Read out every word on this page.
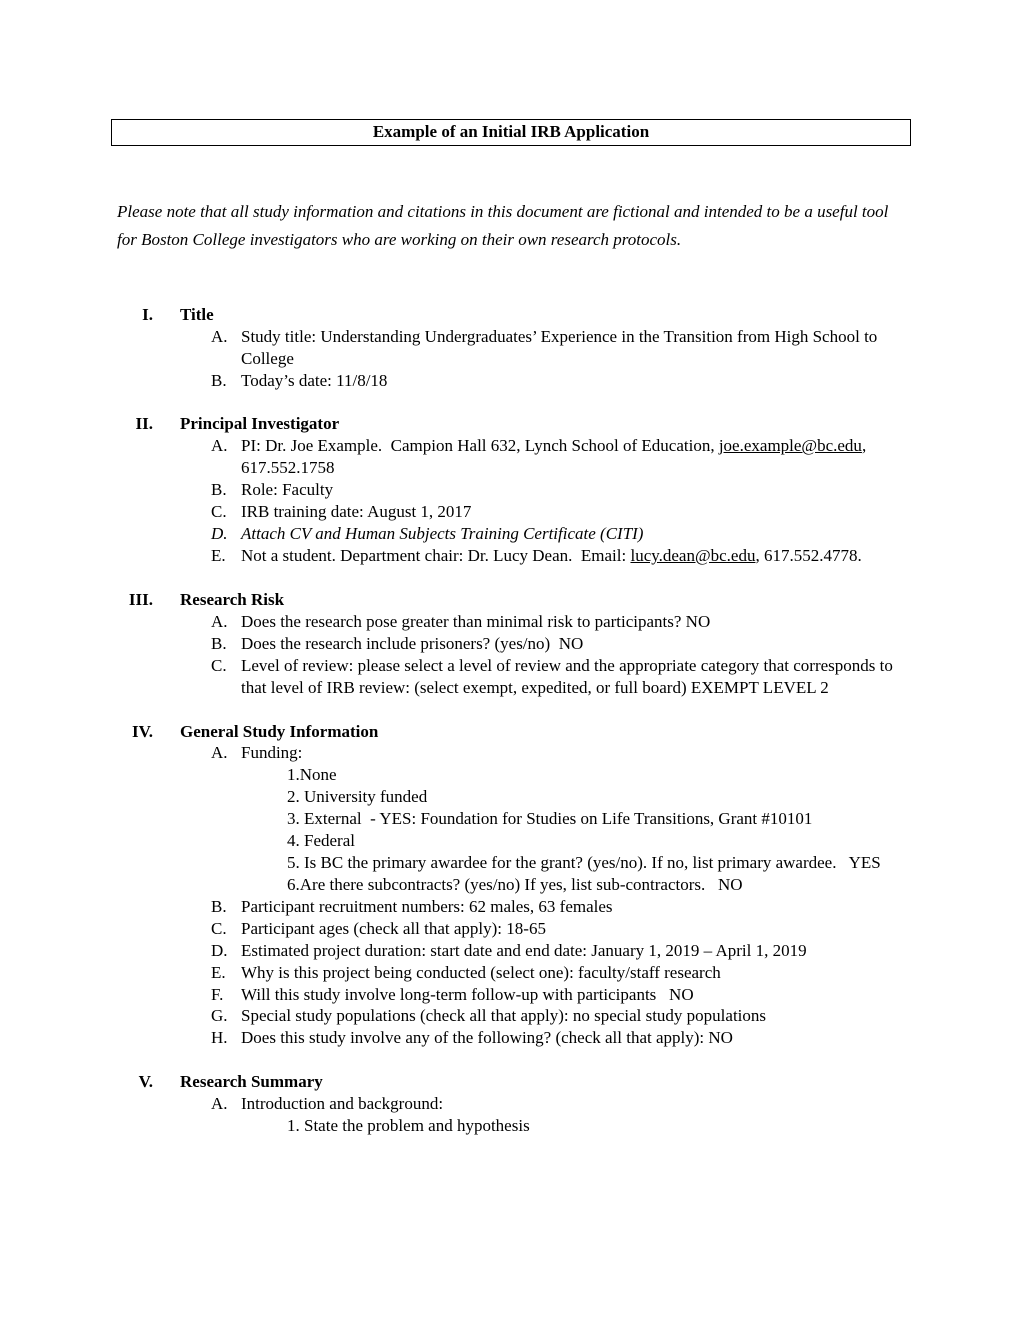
Example of an Initial IRB Application

Please note that all study information and citations in this document are fictional and intended to be a useful tool for Boston College investigators who are working on their own research protocols.

I. Title
A. Study title: Understanding Undergraduates’ Experience in the Transition from High School to College
B. Today’s date: 11/8/18
II. Principal Investigator
A. PI: Dr. Joe Example.  Campion Hall 632, Lynch School of Education, joe.example@bc.edu,  617.552.1758
B. Role: Faculty
C. IRB training date: August 1, 2017
D. Attach CV and Human Subjects Training Certificate (CITI)
E. Not a student. Department chair: Dr. Lucy Dean.  Email: lucy.dean@bc.edu, 617.552.4778.
III. Research Risk
A. Does the research pose greater than minimal risk to participants? NO
B. Does the research include prisoners? (yes/no)  NO
C. Level of review: please select a level of review and the appropriate category that corresponds to that level of IRB review: (select exempt, expedited, or full board) EXEMPT LEVEL 2
IV. General Study Information
A. Funding:
1.None
2. University funded
3. External  - YES: Foundation for Studies on Life Transitions, Grant #10101
4. Federal
5. Is BC the primary awardee for the grant? (yes/no). If no, list primary awardee.   YES
6.Are there subcontracts? (yes/no) If yes, list sub-contractors.   NO
B. Participant recruitment numbers: 62 males, 63 females
C. Participant ages (check all that apply): 18-65
D. Estimated project duration: start date and end date: January 1, 2019 – April 1, 2019
E. Why is this project being conducted (select one): faculty/staff research
F.	Will this study involve long-term follow-up with participants   NO
G. Special study populations (check all that apply): no special study populations
H. Does this study involve any of the following? (check all that apply): NO
V. Research Summary
A. Introduction and background:
1. State the problem and hypothesis
